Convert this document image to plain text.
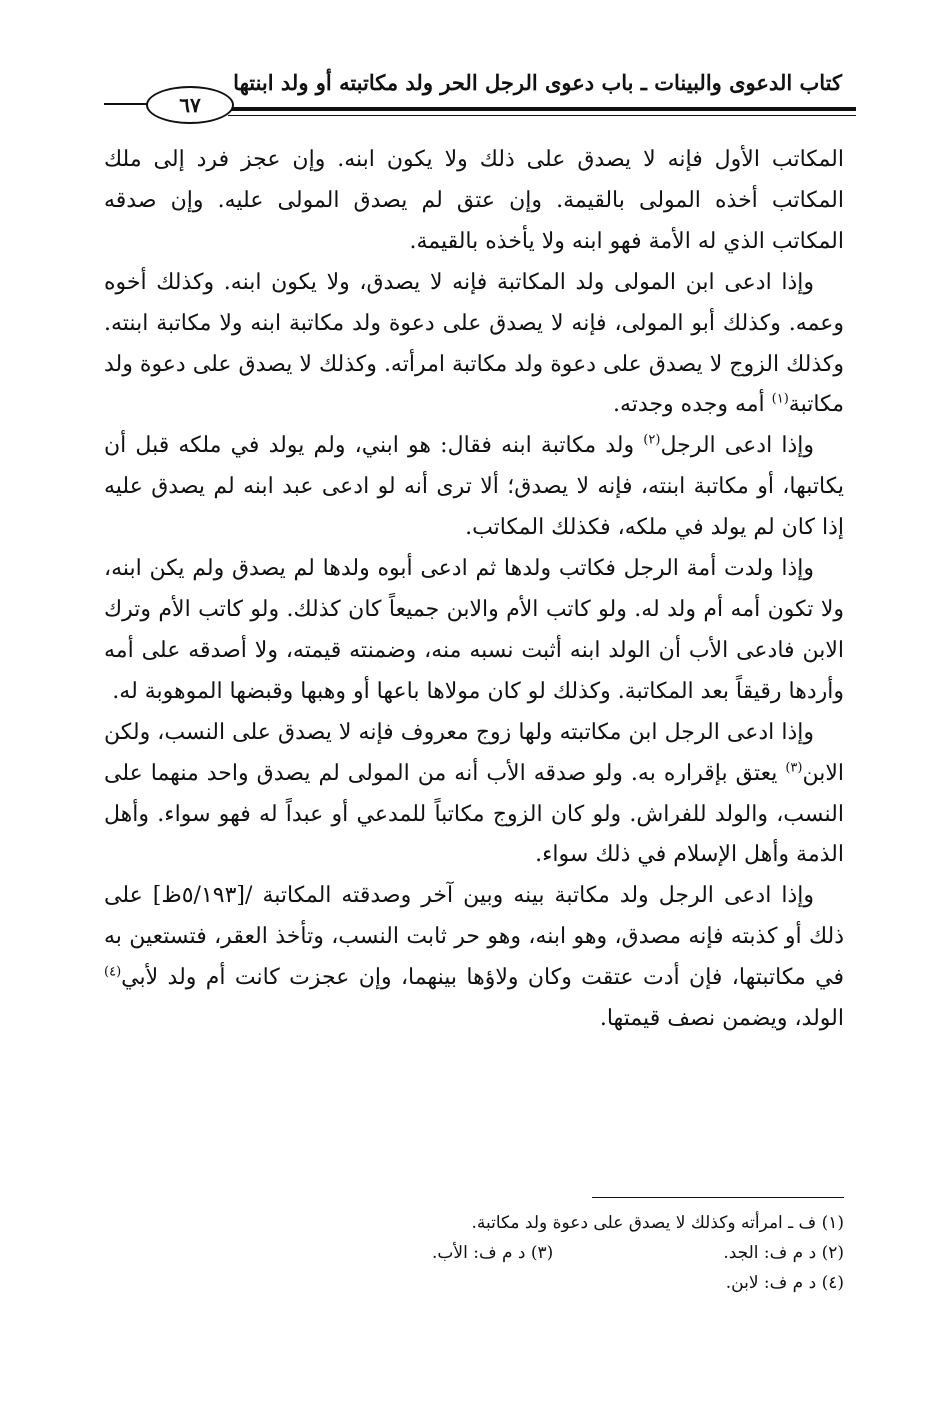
كتاب الدعوى والبينات ـ باب دعوى الرجل الحر ولد مكاتبته أو ولد ابنتها
٦٧

المكاتب الأول فإنه لا يصدق على ذلك ولا يكون ابنه. وإن عجز فرد إلى ملك المكاتب أخذه المولى بالقيمة. وإن عتق لم يصدق المولى عليه. وإن صدقه المكاتب الذي له الأمة فهو ابنه ولا يأخذه بالقيمة.

وإذا ادعى ابن المولى ولد المكاتبة فإنه لا يصدق، ولا يكون ابنه. وكذلك أخوه وعمه. وكذلك أبو المولى، فإنه لا يصدق على دعوة ولد مكاتبة ابنه ولا مكاتبة ابنته. وكذلك الزوج لا يصدق على دعوة ولد مكاتبة امرأته. وكذلك لا يصدق على دعوة ولد مكاتبة$^{(١)}$ أمه وجده وجدته.

وإذا ادعى الرجل$^{(٢)}$ ولد مكاتبة ابنه فقال: هو ابني، ولم يولد في ملكه قبل أن يكاتبها، أو مكاتبة ابنته، فإنه لا يصدق؛ ألا ترى أنه لو ادعى عبد ابنه لم يصدق عليه إذا كان لم يولد في ملكه، فكذلك المكاتب.

وإذا ولدت أمة الرجل فكاتب ولدها ثم ادعى أبوه ولدها لم يصدق ولم يكن ابنه، ولا تكون أمه أم ولد له. ولو كاتب الأم والابن جميعاً كان كذلك. ولو كاتب الأم وترك الابن فادعى الأب أن الولد ابنه أثبت نسبه منه، وضمنته قيمته، ولا أصدقه على أمه وأردها رقيقاً بعد المكاتبة. وكذلك لو كان مولاها باعها أو وهبها وقبضها الموهوبة له.

وإذا ادعى الرجل ابن مكاتبته ولها زوج معروف فإنه لا يصدق على النسب، ولكن الابن$^{(٣)}$ يعتق بإقراره به. ولو صدقه الأب أنه من المولى لم يصدق واحد منهما على النسب، والولد للفراش. ولو كان الزوج مكاتباً للمدعي أو عبداً له فهو سواء. وأهل الذمة وأهل الإسلام في ذلك سواء.

وإذا ادعى الرجل ولد مكاتبة بينه وبين آخر وصدقته المكاتبة /[٥/١٩٣ظ] على ذلك أو كذبته فإنه مصدق، وهو ابنه، وهو حر ثابت النسب، وتأخذ العقر، فتستعين به في مكاتبتها، فإن أدت عتقت وكان ولاؤها بينهما، وإن عجزت كانت أم ولد لأبي$^{(٤)}$ الولد، ويضمن نصف قيمتها.

(١) ف ـ امرأته وكذلك لا يصدق على دعوة ولد مكاتبة.
(٢) د م ف: الجد.
(٣) د م ف: الأب.
(٤) د م ف: لابن.
